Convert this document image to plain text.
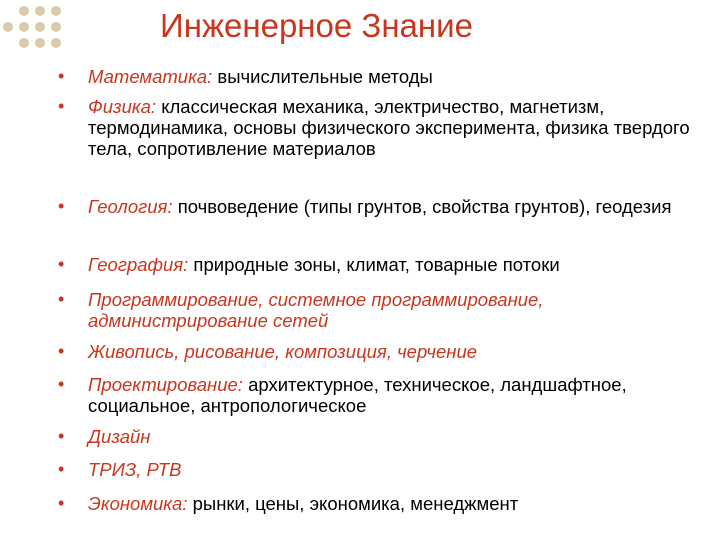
Инженерное Знание
• Математика: вычислительные методы
• Физика: классическая механика, электричество, магнетизм, термодинамика, основы физического эксперимента, физика твердого тела, сопротивление материалов
• Геология: почвоведение (типы грунтов, свойства грунтов), геодезия
• География: природные зоны, климат, товарные потоки
• Программирование, системное программирование, администрирование сетей
• Живопись, рисование, композиция, черчение
• Проектирование: архитектурное, техническое, ландшафтное, социальное, антропологическое
• Дизайн
• ТРИЗ, РТВ
• Экономика: рынки, цены, экономика, менеджмент
